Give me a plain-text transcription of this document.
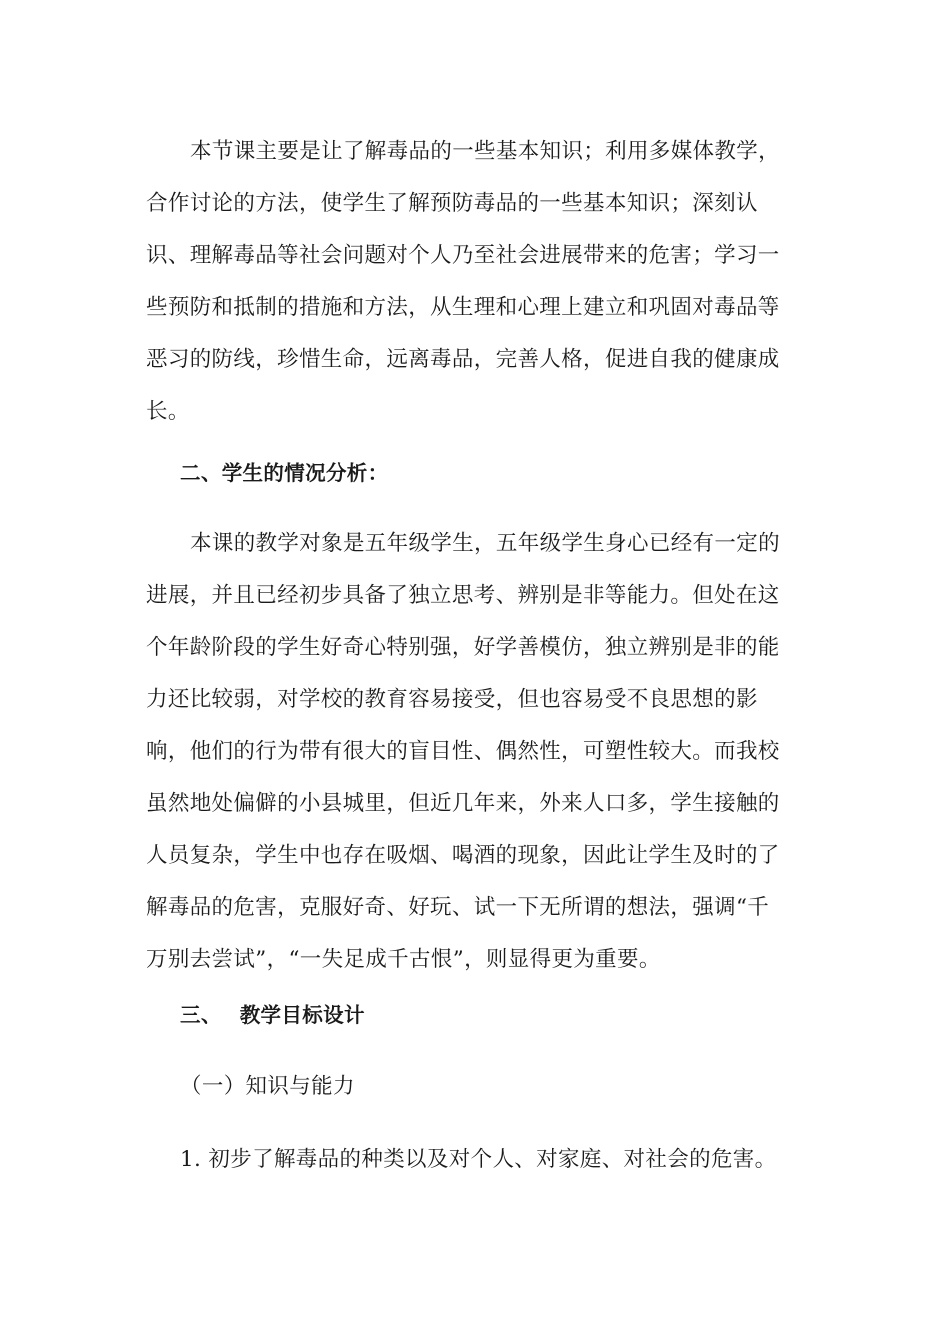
本节课主要是让了解毒品的一些基本知识；利用多媒体教学，
合作讨论的方法，使学生了解预防毒品的一些基本知识；深刻认
识、理解毒品等社会问题对个人乃至社会进展带来的危害；学习一
些预防和抵制的措施和方法，从生理和心理上建立和巩固对毒品等
恶习的防线，珍惜生命，远离毒品，完善人格，促进自我的健康成
长。

二、学生的情况分析：

本课的教学对象是五年级学生，五年级学生身心已经有一定的
进展，并且已经初步具备了独立思考、辨别是非等能力。但处在这
个年龄阶段的学生好奇心特别强，好学善模仿，独立辨别是非的能
力还比较弱，对学校的教育容易接受，但也容易受不良思想的影
响，他们的行为带有很大的盲目性、偶然性，可塑性较大。而我校
虽然地处偏僻的小县城里，但近几年来，外来人口多，学生接触的
人员复杂，学生中也存在吸烟、喝酒的现象，因此让学生及时的了
解毒品的危害，克服好奇、好玩、试一下无所谓的想法，强调“千
万别去尝试”，“一失足成千古恨”，则显得更为重要。

三、 教学目标设计
（一）知识与能力

1. 初步了解毒品的种类以及对个人、对家庭、对社会的危害。
